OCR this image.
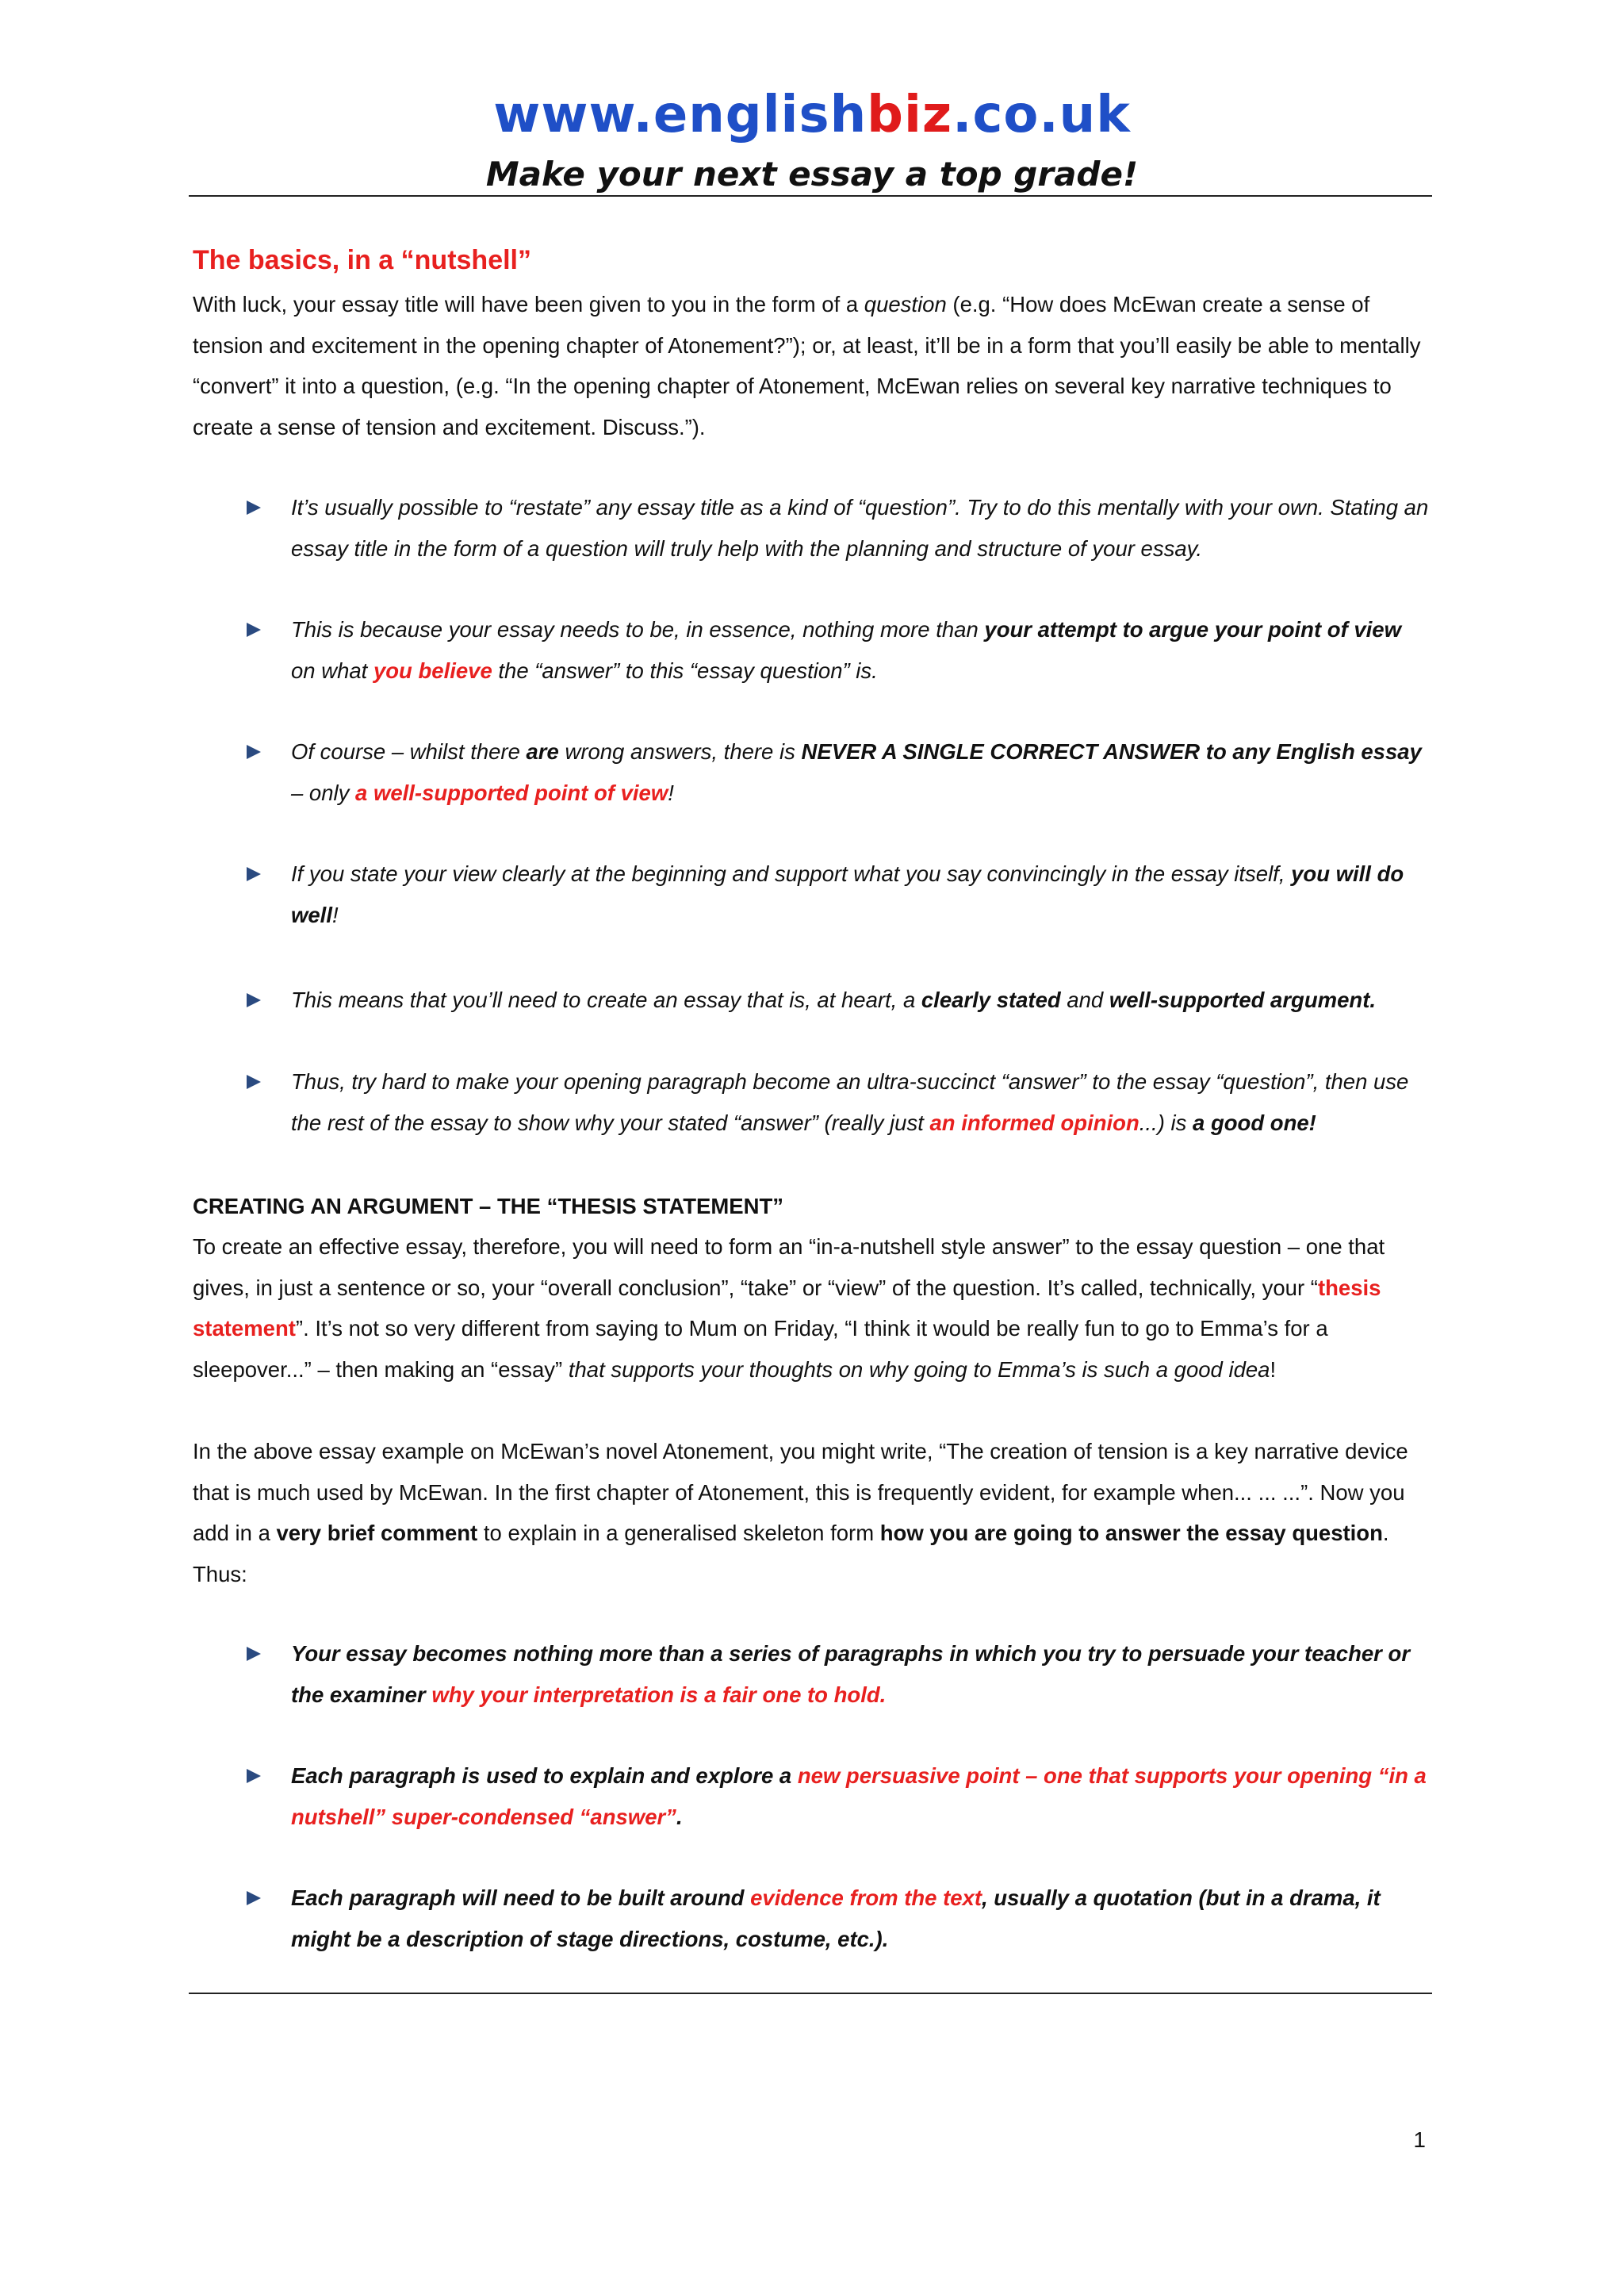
www.englishbiz.co.uk
Make your next essay a top grade!
The basics, in a “nutshell”

With luck, your essay title will have been given to you in the form of a question (e.g. “How does McEwan create a sense of tension and excitement in the opening chapter of Atonement?”); or, at least, it’ll be in a form that you’ll easily be able to mentally “convert” it into a question, (e.g. “In the opening chapter of Atonement, McEwan relies on several key narrative techniques to create a sense of tension and excitement. Discuss.”).

It’s usually possible to “restate” any essay title as a kind of “question”. Try to do this mentally with your own. Stating an essay title in the form of a question will truly help with the planning and structure of your essay.
This is because your essay needs to be, in essence, nothing more than your attempt to argue your point of view on what you believe the “answer” to this “essay question” is.
Of course – whilst there are wrong answers, there is NEVER A SINGLE CORRECT ANSWER to any English essay – only a well-supported point of view!
If you state your view clearly at the beginning and support what you say convincingly in the essay itself, you will do well!
This means that you’ll need to create an essay that is, at heart, a clearly stated and well-supported argument.
Thus, try hard to make your opening paragraph become an ultra-succinct “answer” to the essay “question”, then use the rest of the essay to show why your stated “answer” (really just an informed opinion...) is a good one!
CREATING AN ARGUMENT – THE “THESIS STATEMENT”

To create an effective essay, therefore, you will need to form an “in-a-nutshell style answer” to the essay question – one that gives, in just a sentence or so, your “overall conclusion”, “take” or “view” of the question. It’s called, technically, your “thesis statement”. It’s not so very different from saying to Mum on Friday, “I think it would be really fun to go to Emma’s for a sleepover...” – then making an “essay” that supports your thoughts on why going to Emma’s is such a good idea!

In the above essay example on McEwan’s novel Atonement, you might write, “The creation of tension is a key narrative device that is much used by McEwan. In the first chapter of Atonement, this is frequently evident, for example when... ... ...”. Now you add in a very brief comment to explain in a generalised skeleton form how you are going to answer the essay question. Thus:

Your essay becomes nothing more than a series of paragraphs in which you try to persuade your teacher or the examiner why your interpretation is a fair one to hold.
Each paragraph is used to explain and explore a new persuasive point – one that supports your opening “in a nutshell” super-condensed “answer”.
Each paragraph will need to be built around evidence from the text, usually a quotation (but in a drama, it might be a description of stage directions, costume, etc.).
1
